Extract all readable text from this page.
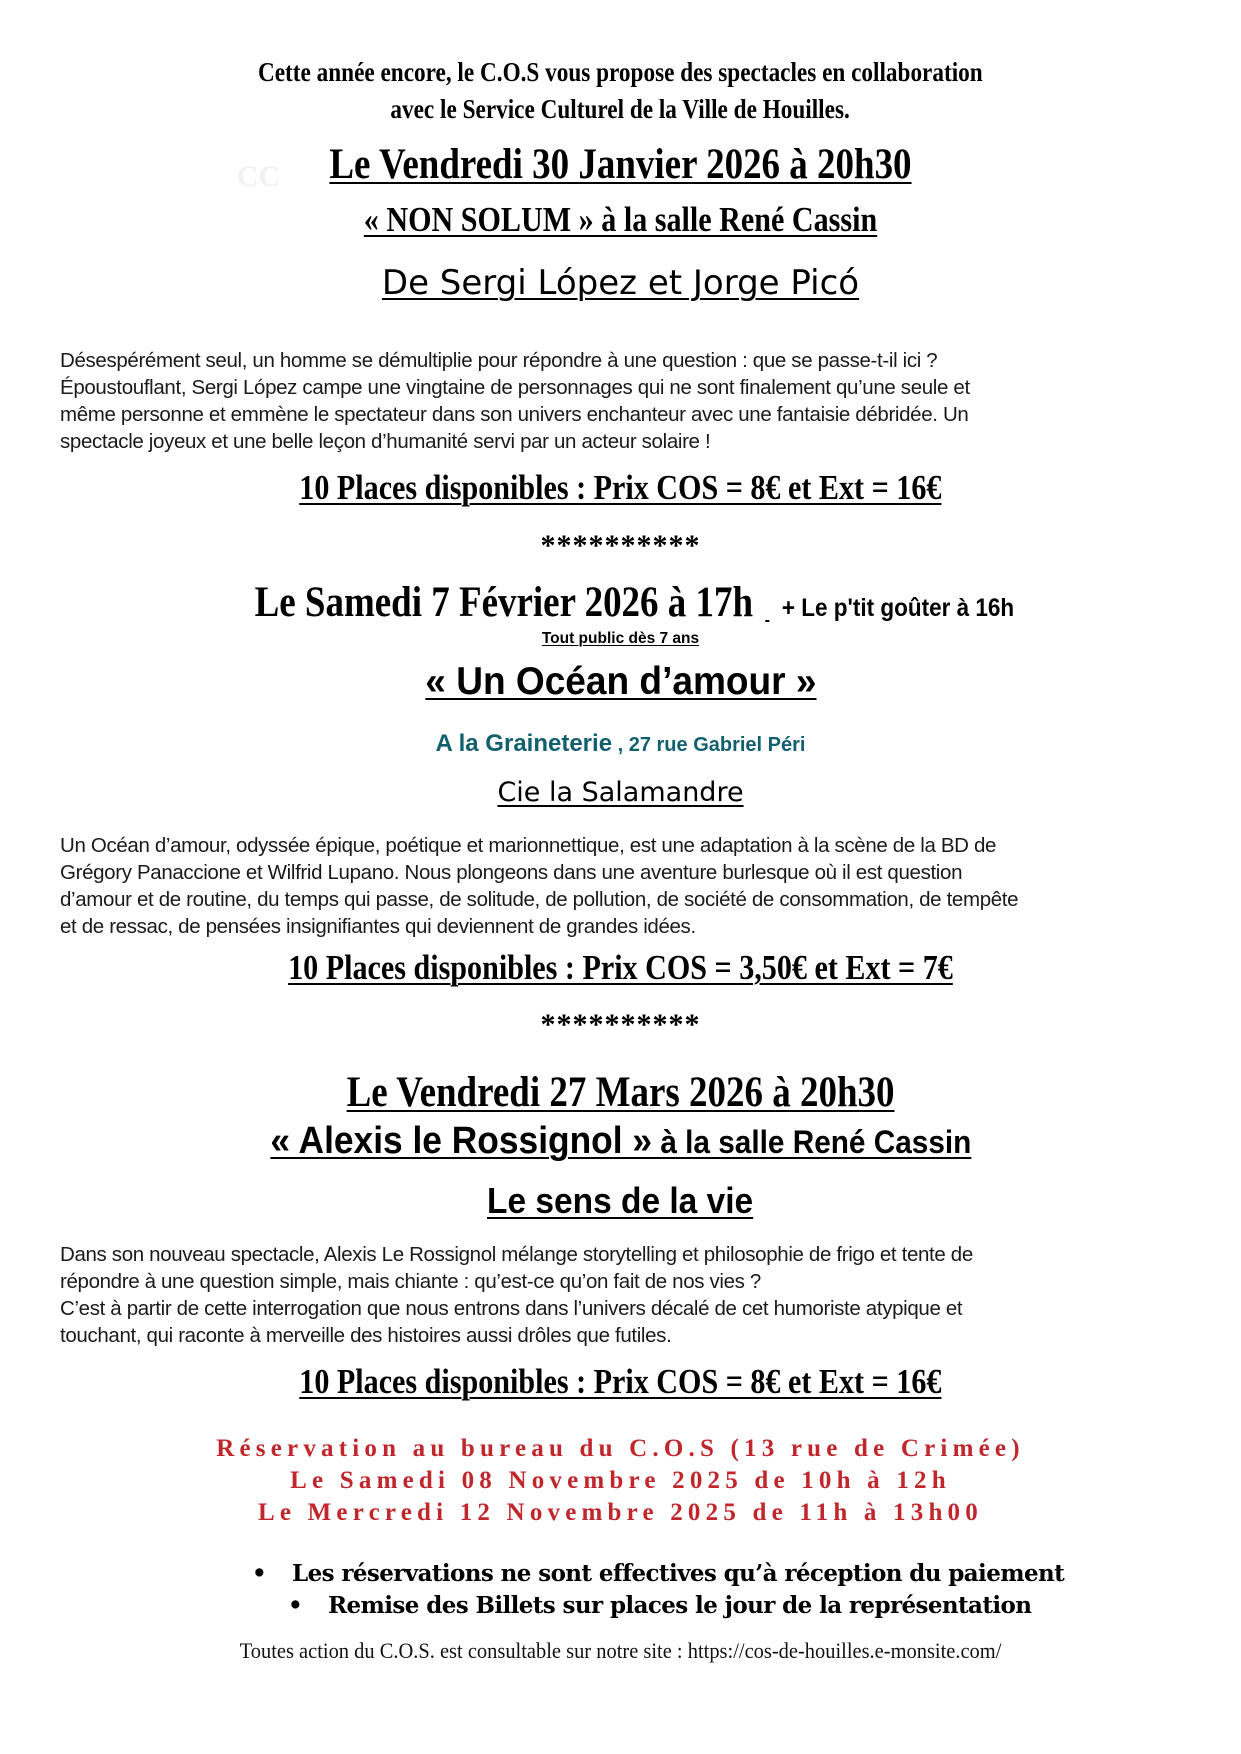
Cette année encore, le C.O.S vous propose des spectacles en collaboration
avec le Service Culturel de la Ville de Houilles.
CC	Le Vendredi 30 Janvier 2026 à 20h30
« NON SOLUM » à la salle René Cassin
De Sergi López et Jorge Picó

Désespérément seul, un homme se démultiplie pour répondre à une question : que se passe-t-il ici ?

Époustouflant, Sergi López campe une vingtaine de personnages qui ne sont finalement qu’une seule et

même personne et emmène le spectateur dans son univers enchanteur avec une fantaisie débridée. Un

spectacle joyeux et une belle leçon d’humanité servi par un acteur solaire !

10 Places disponibles : Prix COS = 8€ et Ext = 16€
**********
Le Samedi 7 Février 2026 à 17h + Le p'tit goûter à 16h
Tout public dès 7 ans
« Un Océan d’amour »
A la Graineterie , 27 rue Gabriel Péri
Cie la Salamandre

Un Océan d’amour, odyssée épique, poétique et marionnettique, est une adaptation à la scène de la BD de

Grégory Panaccione et Wilfrid Lupano. Nous plongeons dans une aventure burlesque où il est question

d’amour et de routine, du temps qui passe, de solitude, de pollution, de société de consommation, de tempête

et de ressac, de pensées insignifiantes qui deviennent de grandes idées.

10 Places disponibles : Prix COS = 3,50€ et Ext = 7€
**********
Le Vendredi 27 Mars 2026 à 20h30
« Alexis le Rossignol » à la salle René Cassin
Le sens de la vie

Dans son nouveau spectacle, Alexis Le Rossignol mélange storytelling et philosophie de frigo et tente de

répondre à une question simple, mais chiante : qu’est-ce qu’on fait de nos vies ?

C’est à partir de cette interrogation que nous entrons dans l’univers décalé de cet humoriste atypique et

touchant, qui raconte à merveille des histoires aussi drôles que futiles.

10 Places disponibles : Prix COS = 8€ et Ext = 16€
Réservation au bureau du C.O.S (13 rue de Crimée)
Le Samedi 08 Novembre 2025 de 10h à 12h
Le Mercredi 12 Novembre 2025 de 11h à 13h00
• Les réservations ne sont effectives qu’à réception du paiement
• Remise des Billets sur places le jour de la représentation
Toutes action du C.O.S. est consultable sur notre site : https://cos-de-houilles.e-monsite.com/
